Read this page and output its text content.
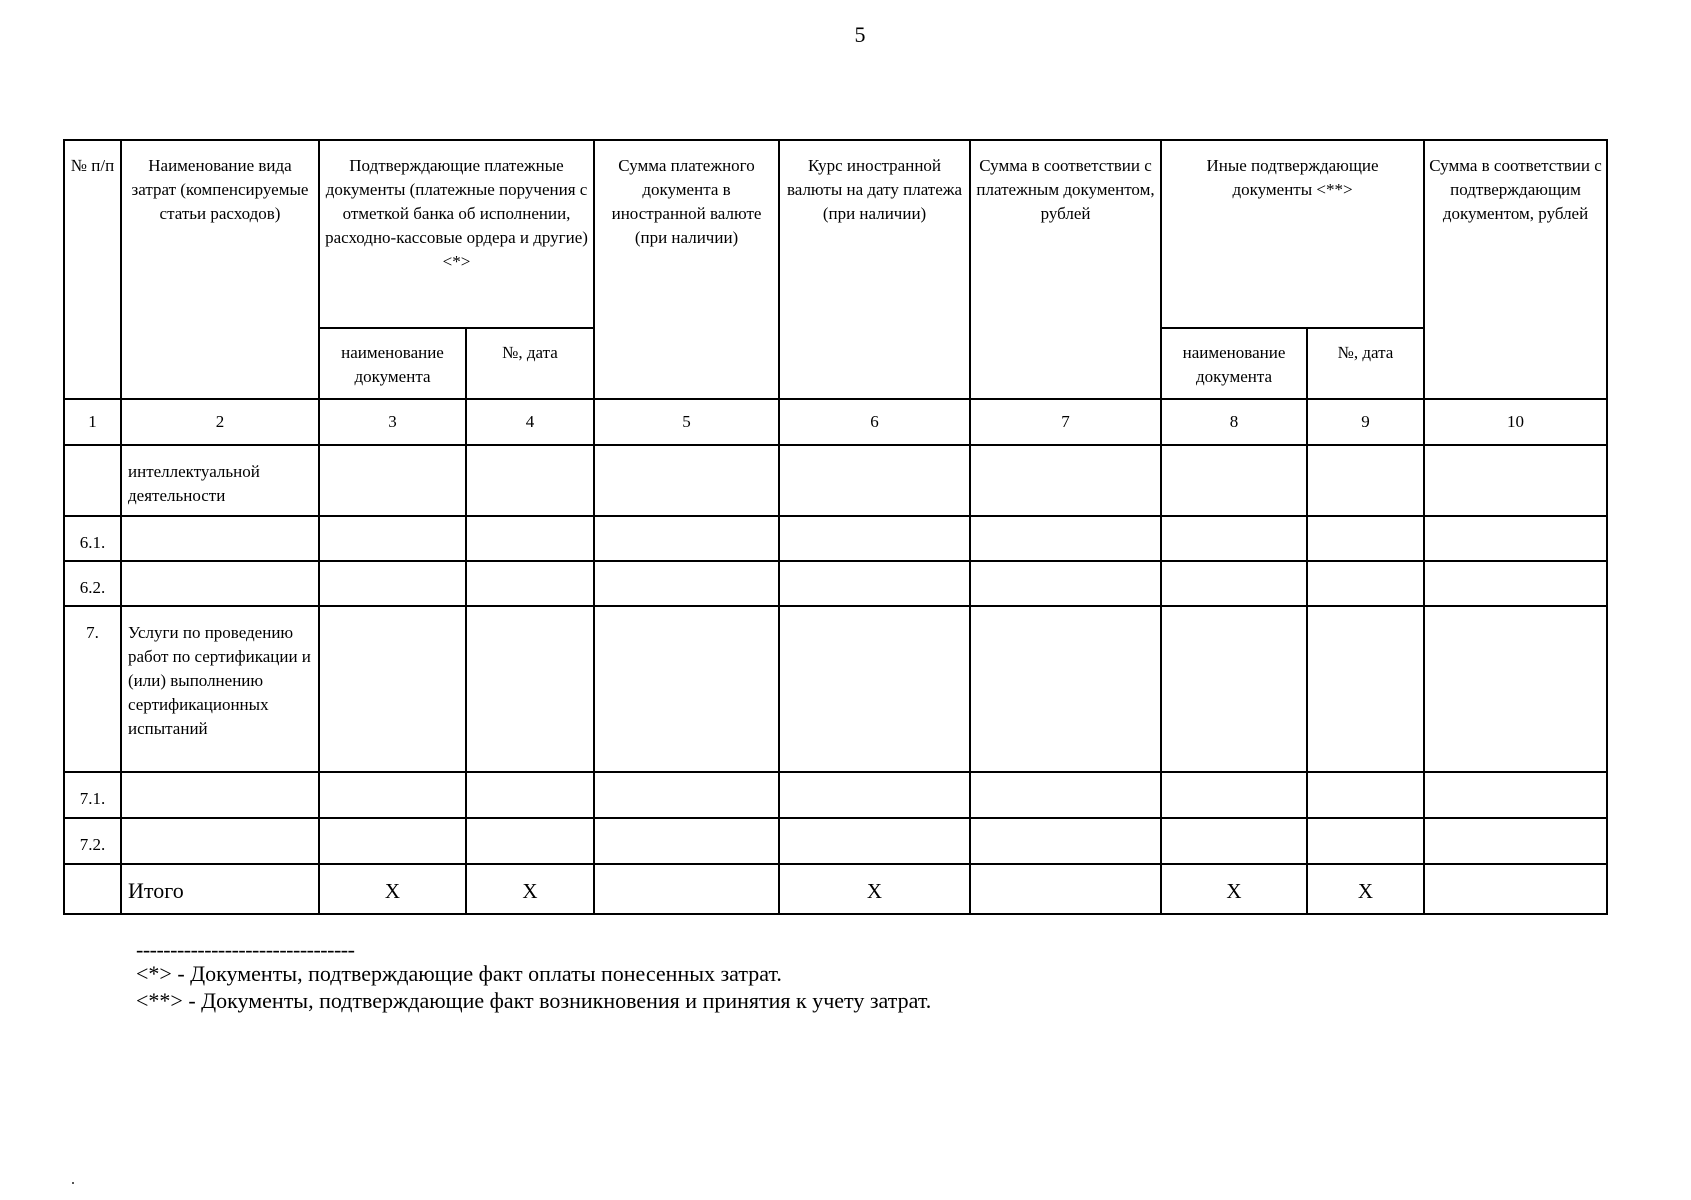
5
№ п/п	Наименование вида затрат (компенсируемые статьи расходов)	Подтверждающие платежные документы (платежные поручения с отметкой банка об исполнении, расходно-кассовые ордера и другие) <*>		Сумма платежного документа в иностранной валюте (при наличии)	Курс иностранной валюты на дату платежа (при наличии)	Сумма в соответствии с платежным документом, рублей	Иные подтверждающие документы <**>		Сумма в соответствии с подтверждающим документом, рублей
		наименование документа	№, дата				наименование документа	№, дата	
1	2	3	4	5	6	7	8	9	10
	интеллектуальной деятельности								
6.1.									
6.2.									
7.	Услуги по проведению работ по сертификации и (или) выполнению сертификационных испытаний								
7.1.									
7.2.									
	Итого	X	X		X		X	X	
--------------------------------
<*> - Документы, подтверждающие факт оплаты понесенных затрат.
<**> - Документы, подтверждающие факт возникновения и принятия к учету затрат.
